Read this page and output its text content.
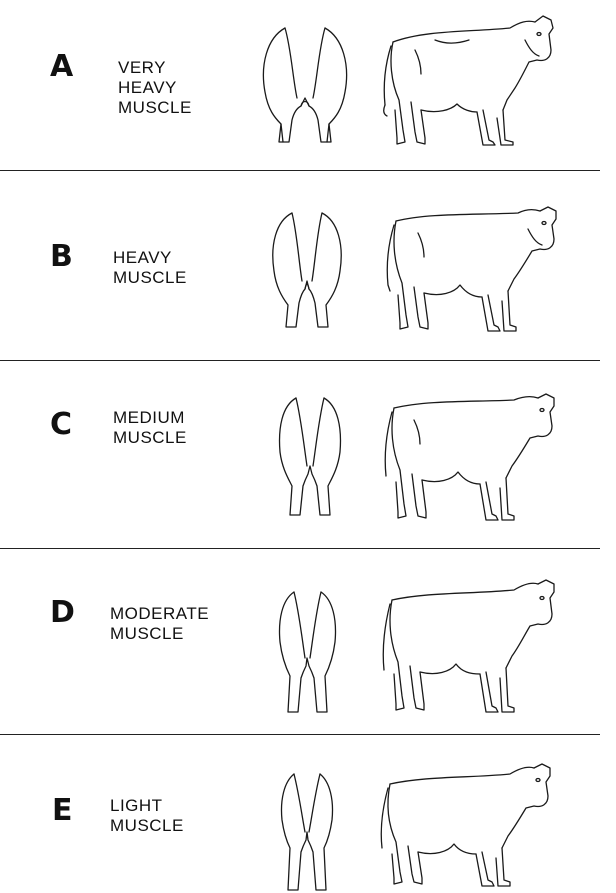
A	VERY
HEAVY
MUSCLE
B HEAVY
MUSCLE
C MEDIUM
MUSCLE
D MODERATE
MUSCLE
E LIGHT
MUSCLE
